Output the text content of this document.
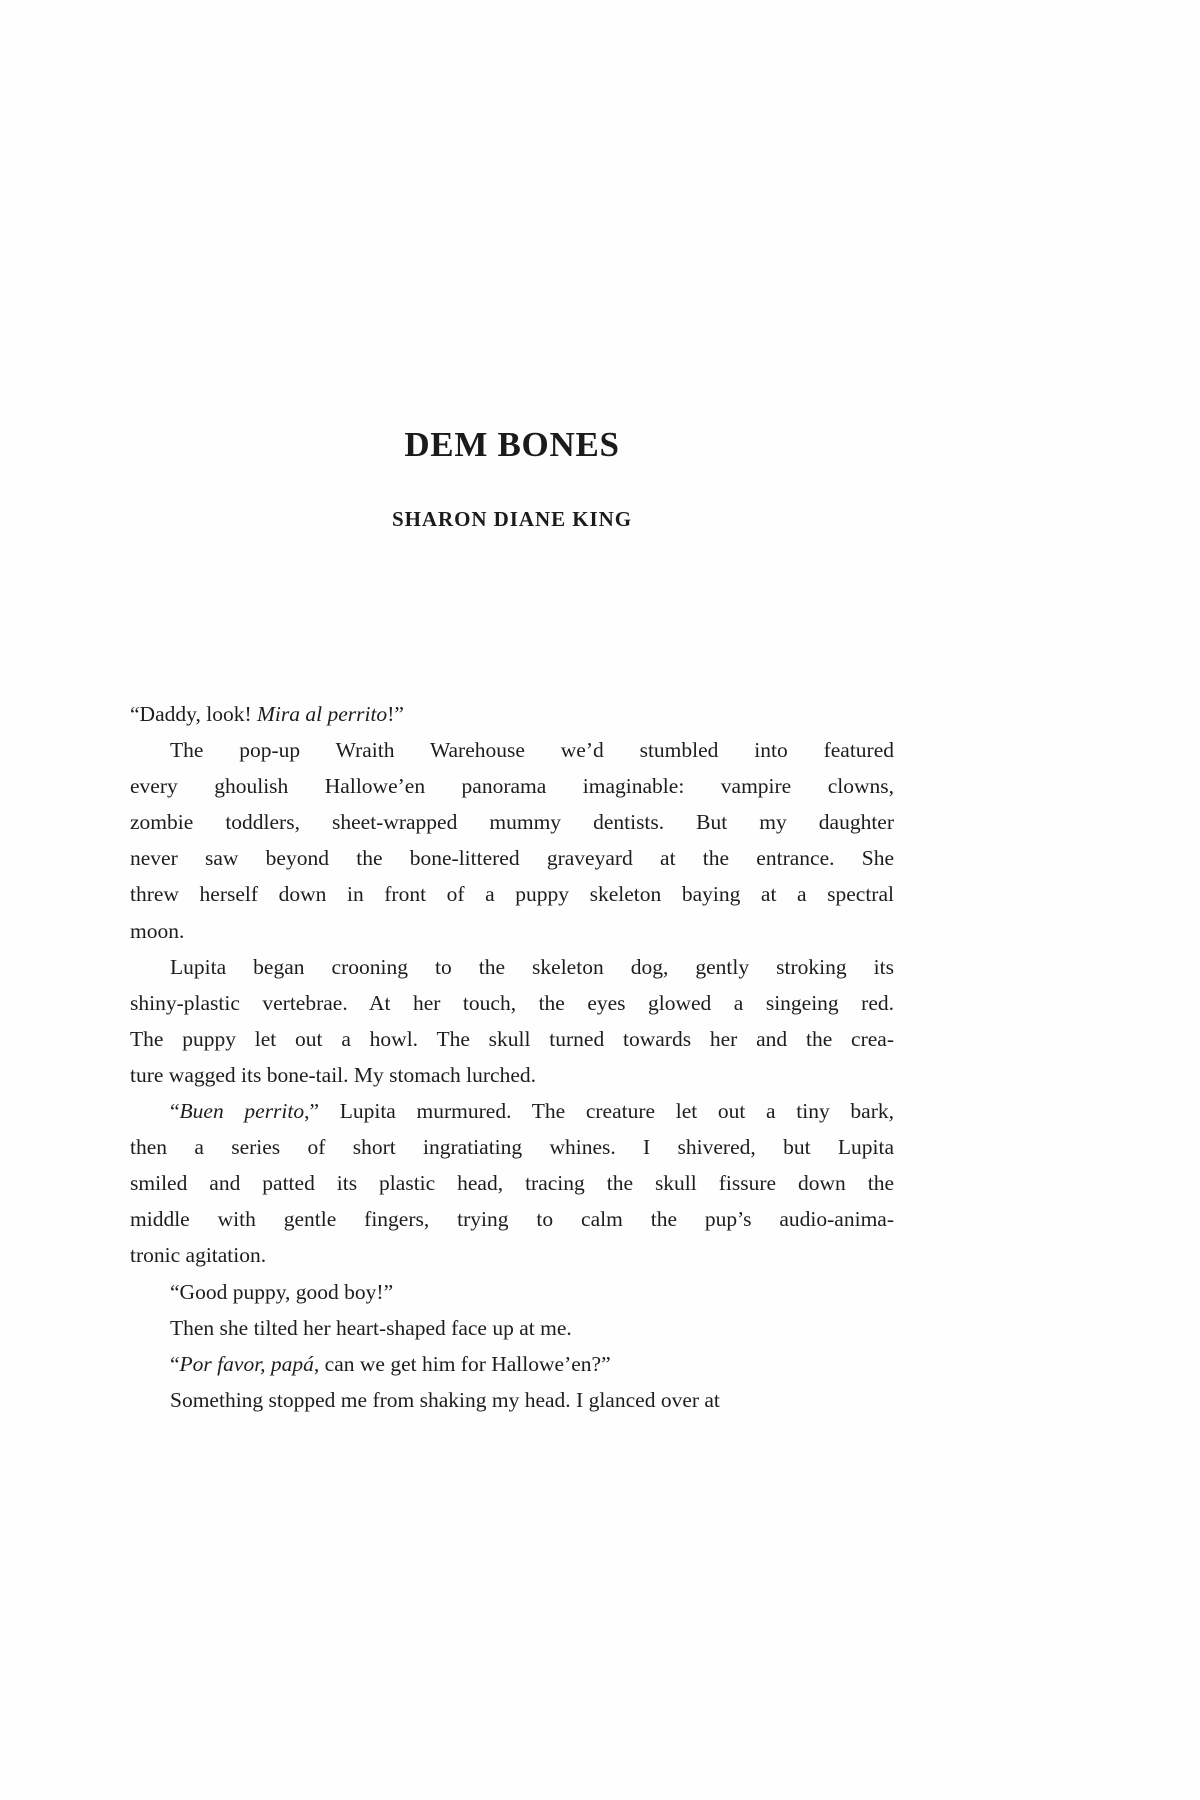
DEM BONES
SHARON DIANE KING

“Daddy, look! Mira al perrito!”

The pop-up Wraith Warehouse we’d stumbled into featured
every ghoulish Hallowe’en panorama imaginable: vampire clowns,
zombie toddlers, sheet-wrapped mummy dentists. But my daughter
never saw beyond the bone-littered graveyard at the entrance. She
threw herself down in front of a puppy skeleton baying at a spectral
moon.

Lupita began crooning to the skeleton dog, gently stroking its
shiny-plastic vertebrae. At her touch, the eyes glowed a singeing red.
The puppy let out a howl. The skull turned towards her and the crea-
ture wagged its bone-tail. My stomach lurched.

“Buen perrito,” Lupita murmured. The creature let out a tiny bark,
then a series of short ingratiating whines. I shivered, but Lupita
smiled and patted its plastic head, tracing the skull fissure down the
middle with gentle fingers, trying to calm the pup’s audio-anima-
tronic agitation.

“Good puppy, good boy!”

Then she tilted her heart-shaped face up at me.

“Por favor, papá, can we get him for Hallowe’en?”

Something stopped me from shaking my head. I glanced over at
